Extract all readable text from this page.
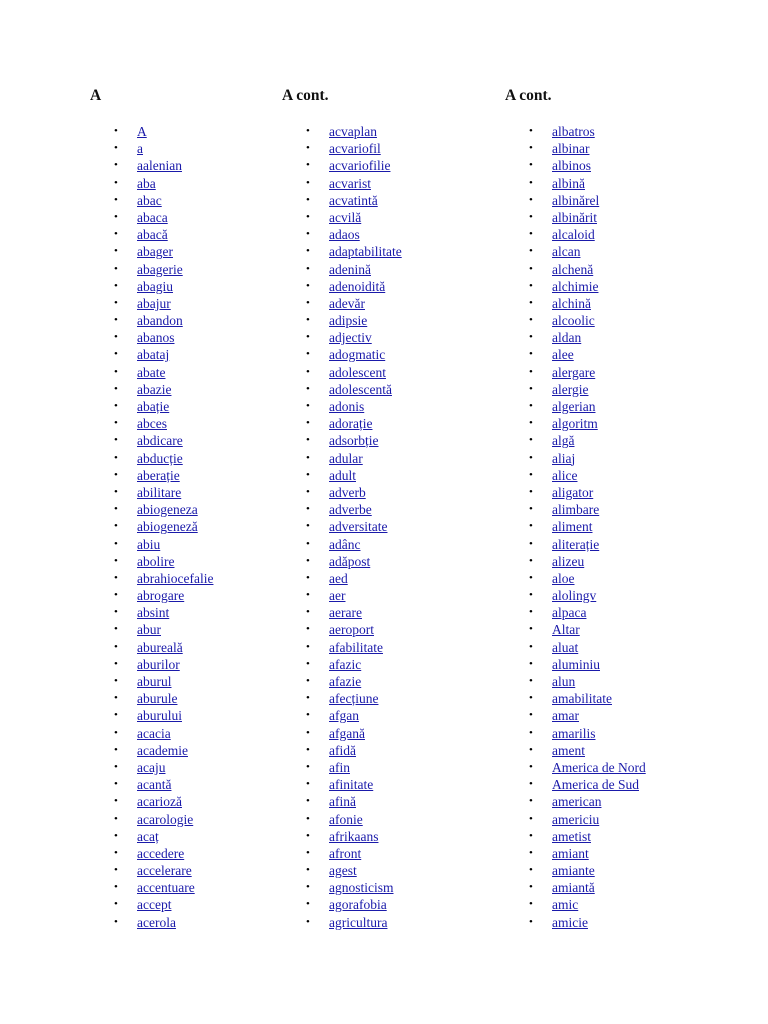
A
• A
• a
• aalenian
• aba
• abac
• abaca
• abacă
• abager
• abagerie
• abagiu
• abajur
• abandon
• abanos
• abataj
• abate
• abazie
• abație
• abces
• abdicare
• abducție
• aberație
• abilitare
• abiogeneza
• abiogeneză
• abiu
• abolire
• abrahiocefalie
• abrogare
• absint
• abur
• abureală
• aburilor
• aburul
• aburule
• aburului
• acacia
• academie
• acaju
• acantă
• acarioză
• acarologie
• acaț
• accedere
• accelerare
• accentuare
• accept
• acerola
A cont.
• acvaplan
• acvariofil
• acvariofilie
• acvarist
• acvatintă
• acvilă
• adaos
• adaptabilitate
• adenină
• adenoidită
• adevăr
• adipsie
• adjectiv
• adogmatic
• adolescent
• adolescentă
• adonis
• adorație
• adsorbție
• adular
• adult
• adverb
• adverbe
• adversitate
• adânc
• adăpost
• aed
• aer
• aerare
• aeroport
• afabilitate
• afazic
• afazie
• afecțiune
• afgan
• afgană
• afidă
• afin
• afinitate
• afină
• afonie
• afrikaans
• afront
• agest
• agnosticism
• agorafobia
• agricultura
A cont.
• albatros
• albinar
• albinos
• albină
• albinărel
• albinărit
• alcaloid
• alcan
• alchenă
• alchimie
• alchină
• alcoolic
• aldan
• alee
• alergare
• alergie
• algerian
• algoritm
• algă
• aliaj
• alice
• aligator
• alimbare
• aliment
• aliterație
• alizeu
• aloe
• alolingv
• alpaca
• Altar
• aluat
• aluminiu
• alun
• amabilitate
• amar
• amarilis
• ament
• America de Nord
• America de Sud
• american
• americiu
• ametist
• amiant
• amiante
• amiantă
• amic
• amicie
